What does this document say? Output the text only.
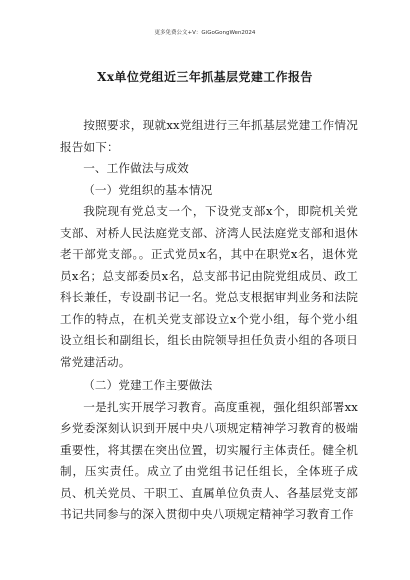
更多免费公文+V：GiGoGongWen2024
Xx单位党组近三年抓基层党建工作报告

按照要求，现就xx党组进行三年抓基层党建工作情况报告如下：

一、工作做法与成效

（一）党组织的基本情况

我院现有党总支一个，下设党支部x个，即院机关党支部、对桥人民法庭党支部、济湾人民法庭党支部和退休老干部党支部。。正式党员x名，其中在职党x名，退休党员x名；总支部委员x名，总支部书记由院党组成员、政工科长兼任，专设副书记一名。党总支根据审判业务和法院工作的特点，在机关党支部设立x个党小组，每个党小组设立组长和副组长，组长由院领导担任负责小组的各项日常党建活动。

（二）党建工作主要做法

一是扎实开展学习教育。高度重视，强化组织部署xx乡党委深刻认识到开展中央八项规定精神学习教育的极端重要性，将其摆在突出位置，切实履行主体责任。健全机制，压实责任。成立了由党组书记任组长，全体班子成员、机关党员、干职工、直属单位负责人、各基层党支部书记共同参与的深入贯彻中央八项规定精神学习教育工作
